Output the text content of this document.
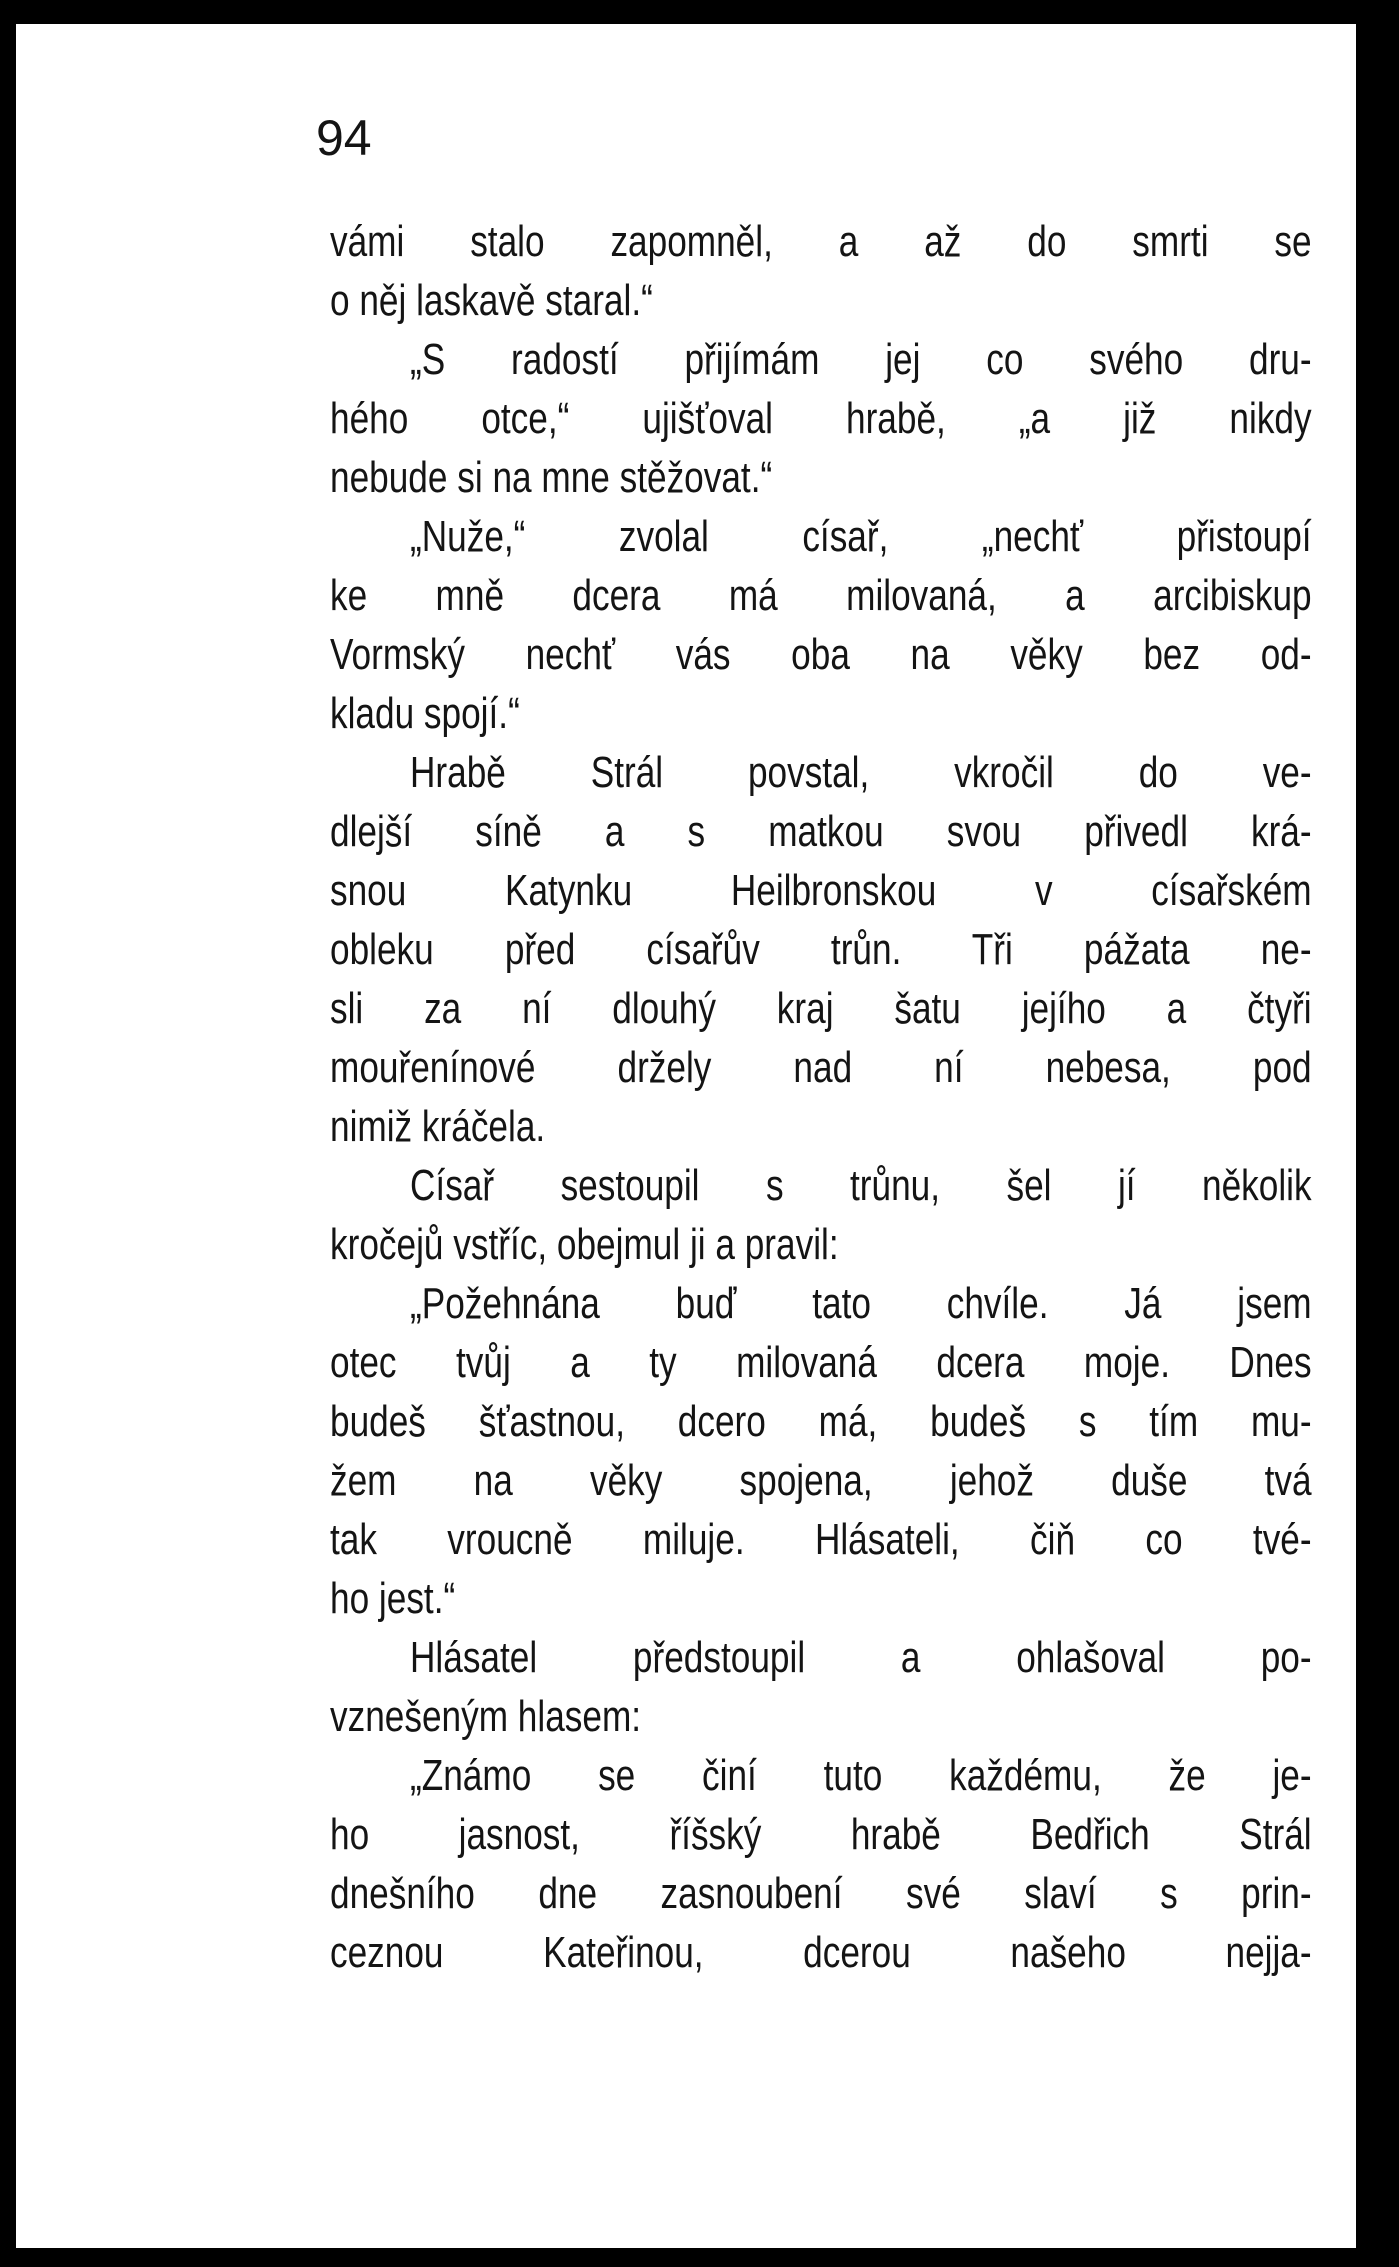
94

vámi stalo zapomněl, a až do smrti se
o něj laskavě staral.“
„S radostí přijímám jej co svého dru-
hého otce,“ ujišťoval hrabě, „a již nikdy
nebude si na mne stěžovat.“
„Nuže,“ zvolal císař, „nechť přistoupí
ke mně dcera má milovaná, a arcibiskup
Vormský nechť vás oba na věky bez od-
kladu spojí.“
Hrabě Strál povstal, vkročil do ve-
dlejší síně a s matkou svou přivedl krá-
snou Katynku Heilbronskou v císařském
obleku před císařův trůn. Tři pážata ne-
sli za ní dlouhý kraj šatu jejího a čtyři
mouřenínové držely nad ní nebesa, pod
nimiž kráčela.
Císař sestoupil s trůnu, šel jí několik
kročejů vstříc, obejmul ji a pravil:
„Požehnána buď tato chvíle. Já jsem
otec tvůj a ty milovaná dcera moje. Dnes
budeš šťastnou, dcero má, budeš s tím mu-
žem na věky spojena, jehož duše tvá
tak vroucně miluje. Hlásateli, čiň co tvé-
ho jest.“
Hlásatel předstoupil a ohlašoval po-
vznešeným hlasem:
„Známo se činí tuto každému, že je-
ho jasnost, říšský hrabě Bedřich Strál
dnešního dne zasnoubení své slaví s prin-
ceznou Kateřinou, dcerou našeho nejja-
